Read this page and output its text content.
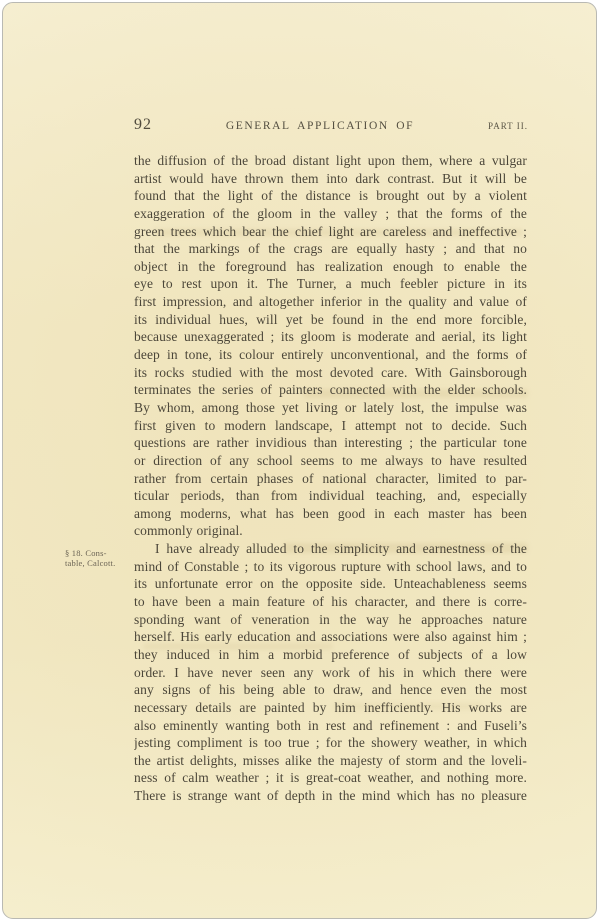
92	GENERAL APPLICATION OF	PART II.
§ 18. Cons-
table, Calcott.
the diffusion of the broad distant light upon them, where a vulgar
artist would have thrown them into dark contrast. But it will be
found that the light of the distance is brought out by a violent
exaggeration of the gloom in the valley ; that the forms of the
green trees which bear the chief light are careless and ineffective ;
that the markings of the crags are equally hasty ; and that no
object in the foreground has realization enough to enable the
eye to rest upon it. The Turner, a much feebler picture in its
first impression, and altogether inferior in the quality and value of
its individual hues, will yet be found in the end more forcible,
because unexaggerated ; its gloom is moderate and aerial, its light
deep in tone, its colour entirely unconventional, and the forms of
its rocks studied with the most devoted care. With Gainsborough
terminates the series of painters connected with the elder schools.
By whom, among those yet living or lately lost, the impulse was
first given to modern landscape, I attempt not to decide. Such
questions are rather invidious than interesting ; the particular tone
or direction of any school seems to me always to have resulted
rather from certain phases of national character, limited to par-
ticular periods, than from individual teaching, and, especially
among moderns, what has been good in each master has been
commonly original.
I have already alluded to the simplicity and earnestness of the
mind of Constable ; to its vigorous rupture with school laws, and to
its unfortunate error on the opposite side. Unteachableness seems
to have been a main feature of his character, and there is corre-
sponding want of veneration in the way he approaches nature
herself. His early education and associations were also against him ;
they induced in him a morbid preference of subjects of a low
order. I have never seen any work of his in which there were
any signs of his being able to draw, and hence even the most
necessary details are painted by him inefficiently. His works are
also eminently wanting both in rest and refinement : and Fuseli’s
jesting compliment is too true ; for the showery weather, in which
the artist delights, misses alike the majesty of storm and the loveli-
ness of calm weather ; it is great-coat weather, and nothing more.
There is strange want of depth in the mind which has no pleasure
